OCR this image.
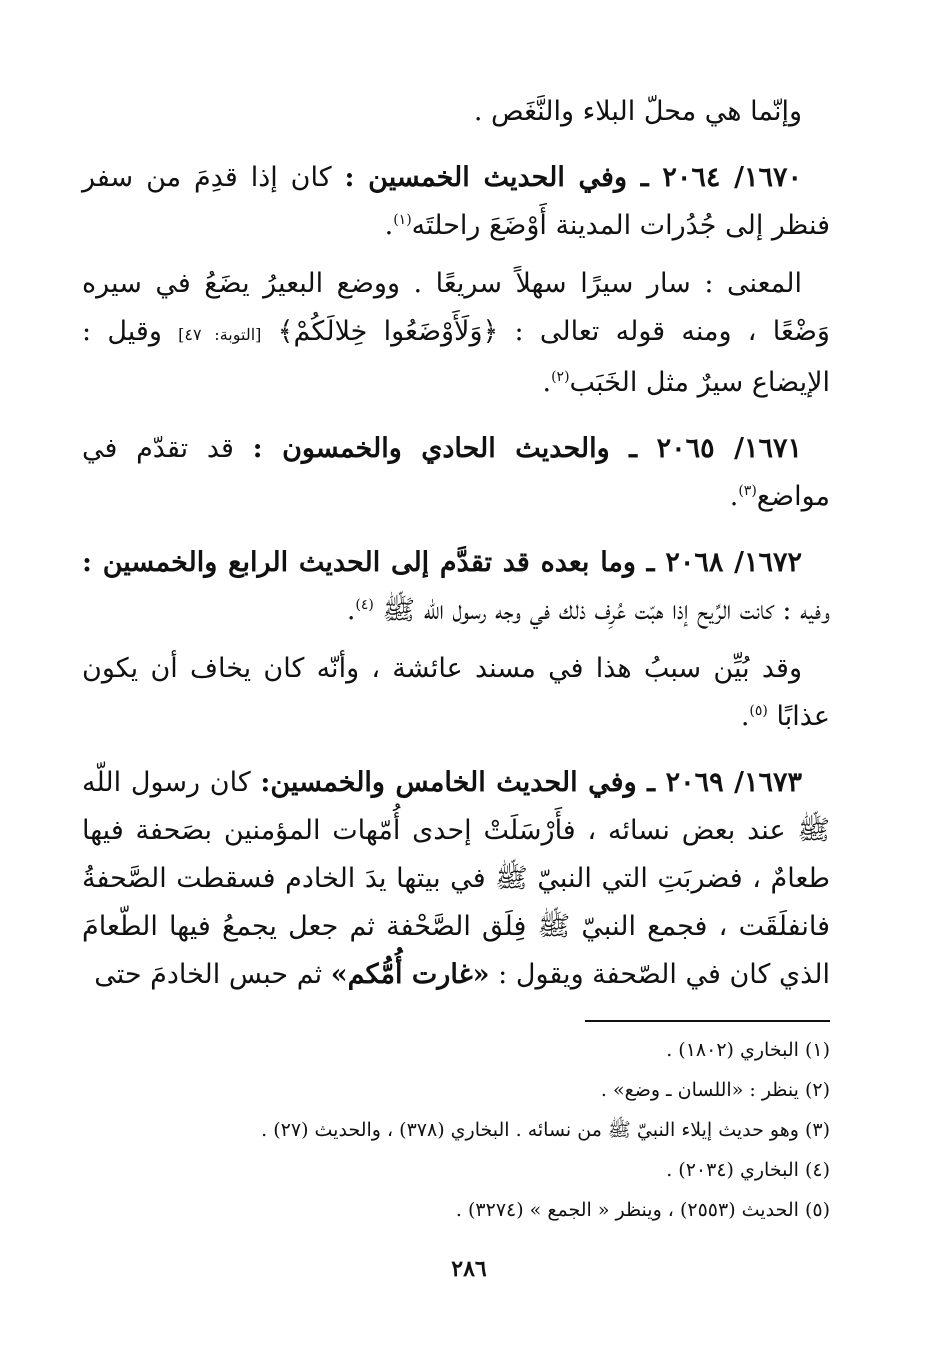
وإنّما هي محلّ البلاء والنَّغَص .

١٦٧٠/ ٢٠٦٤ ـ وفي الحديث الخمسين : كان إذا قدِمَ من سفر فنظر إلى جُدُرات المدينة أَوْضَعَ راحلتَه$^{(١)}$.

المعنى : سار سيرًا سهلاً سريعًا . ووضع البعيرُ يضَعُ في سيره وَضْعًا ، ومنه قوله تعالى : ﴿وَلَأَوْضَعُوا خِلالَكُمْ﴾ [التوبة: ٤٧] وقيل : الإيضاع سيرٌ مثل الخَبَب$^{(٢)}$.

١٦٧١/ ٢٠٦٥ ـ والحديث الحادي والخمسون : قد تقدّم في مواضع$^{(٣)}$.

١٦٧٢/ ٢٠٦٨ ـ وما بعده قد تقدَّم إلى الحديث الرابع والخمسين : وفيه : كانت الرِّيح إذا هبّت عُرِف ذلك في وجه رسول اللّه ﷺ $^{(٤)}$.

وقد بُيِّن سببُ هذا في مسند عائشة ، وأنّه كان يخاف أن يكون عذابًا $^{(٥)}$.

١٦٧٣/ ٢٠٦٩ ـ وفي الحديث الخامس والخمسين: كان رسول اللّه ﷺ عند بعض نسائه ، فأَرْسَلَتْ إحدى أُمّهات المؤمنين بصَحفة فيها طعامٌ ، فضربَتِ التي النبيّ ﷺ في بيتها يدَ الخادم فسقطت الصَّحفةُ فانفلَقَت ، فجمع النبيّ ﷺ فِلَق الصَّحْفة ثم جعل يجمعُ فيها الطّعامَ الذي كان في الصّحفة ويقول : «غارت أُمُّكم» ثم حبس الخادمَ حتى

(١) البخاري (١٨٠٢) .

(٢) ينظر : «اللسان ـ وضع» .

(٣) وهو حديث إيلاء النبيّ ﷺ من نسائه . البخاري (٣٧٨) ، والحديث (٢٧) .

(٤) البخاري (٢٠٣٤) .

(٥) الحديث (٢٥٥٣) ، وينظر « الجمع » (٣٢٧٤) .

٢٨٦
